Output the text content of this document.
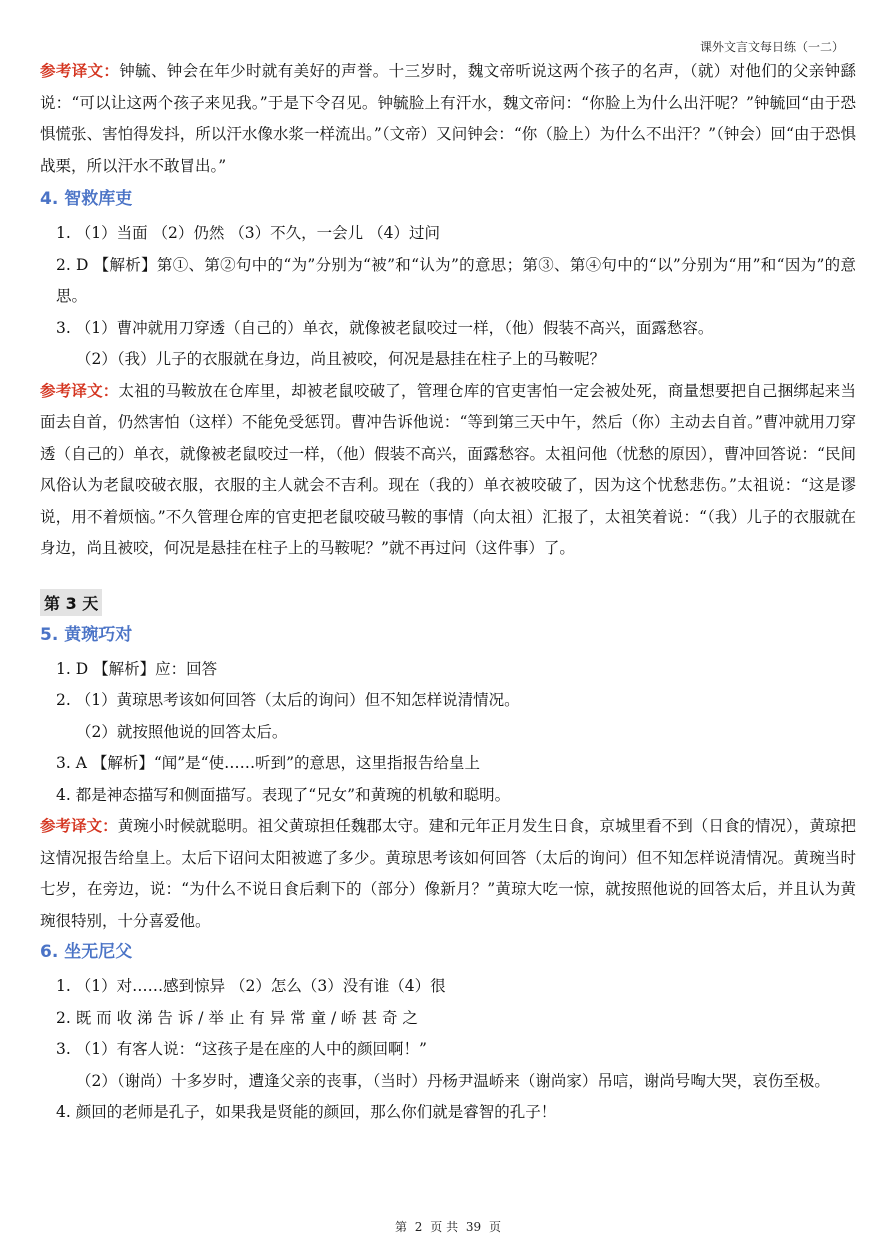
课外文言文每日练（一二）

参考译文：钟毓、钟会在年少时就有美好的声誉。十三岁时，魏文帝听说这两个孩子的名声，（就）对他们的父亲钟繇说：“可以让这两个孩子来见我。”于是下令召见。钟毓脸上有汗水，魏文帝问：“你脸上为什么出汗呢？”钟毓回“由于恐惧慌张、害怕得发抖，所以汗水像水浆一样流出。”（文帝）又问钟会：“你（脸上）为什么不出汗？”（钟会）回“由于恐惧战栗，所以汗水不敢冒出。”

4. 智救库吏

1. （1）当面 （2）仍然 （3）不久，一会儿 （4）过问

2. D 【解析】第①、第②句中的“为”分别为“被”和“认为”的意思；第③、第④句中的“以”分别为“用”和“因为”的意思。

3. （1）曹冲就用刀穿透（自己的）单衣，就像被老鼠咬过一样，（他）假装不高兴，面露愁容。

（2）（我）儿子的衣服就在身边，尚且被咬，何况是悬挂在柱子上的马鞍呢？

参考译文：太祖的马鞍放在仓库里，却被老鼠咬破了，管理仓库的官吏害怕一定会被处死，商量想要把自己捆绑起来当面去自首，仍然害怕（这样）不能免受惩罚。曹冲告诉他说：“等到第三天中午，然后（你）主动去自首。”曹冲就用刀穿透（自己的）单衣，就像被老鼠咬过一样，（他）假装不高兴，面露愁容。太祖问他（忧愁的原因），曹冲回答说：“民间风俗认为老鼠咬破衣服，衣服的主人就会不吉利。现在（我的）单衣被咬破了，因为这个忧愁悲伤。”太祖说：“这是谬说，用不着烦恼。”不久管理仓库的官吏把老鼠咬破马鞍的事情（向太祖）汇报了，太祖笑着说：“（我）儿子的衣服就在身边，尚且被咬，何况是悬挂在柱子上的马鞍呢？”就不再过问（这件事）了。

第 3 天

5. 黄琬巧对

1. D 【解析】应：回答

2. （1）黄琼思考该如何回答（太后的询问）但不知怎样说清情况。

（2）就按照他说的回答太后。

3. A 【解析】“闻”是“使……听到”的意思，这里指报告给皇上

4. 都是神态描写和侧面描写。表现了“兄女”和黄琬的机敏和聪明。

参考译文：黄琬小时候就聪明。祖父黄琼担任魏郡太守。建和元年正月发生日食，京城里看不到（日食的情况），黄琼把这情况报告给皇上。太后下诏问太阳被遮了多少。黄琼思考该如何回答（太后的询问）但不知怎样说清情况。黄琬当时七岁，在旁边，说：“为什么不说日食后剩下的（部分）像新月？”黄琼大吃一惊，就按照他说的回答太后，并且认为黄琬很特别，十分喜爱他。

6. 坐无尼父

1. （1）对……感到惊异 （2）怎么（3）没有谁（4）很

2. 既 而 收 涕 告 诉 / 举 止 有 异 常 童 / 峤 甚 奇 之

3. （1）有客人说：“这孩子是在座的人中的颜回啊！”

（2）（谢尚）十多岁时，遭逢父亲的丧事，（当时）丹杨尹温峤来（谢尚家）吊唁，谢尚号啕大哭，哀伤至极。

4. 颜回的老师是孔子，如果我是贤能的颜回，那么你们就是睿智的孔子！

第 2 页 共 39 页
